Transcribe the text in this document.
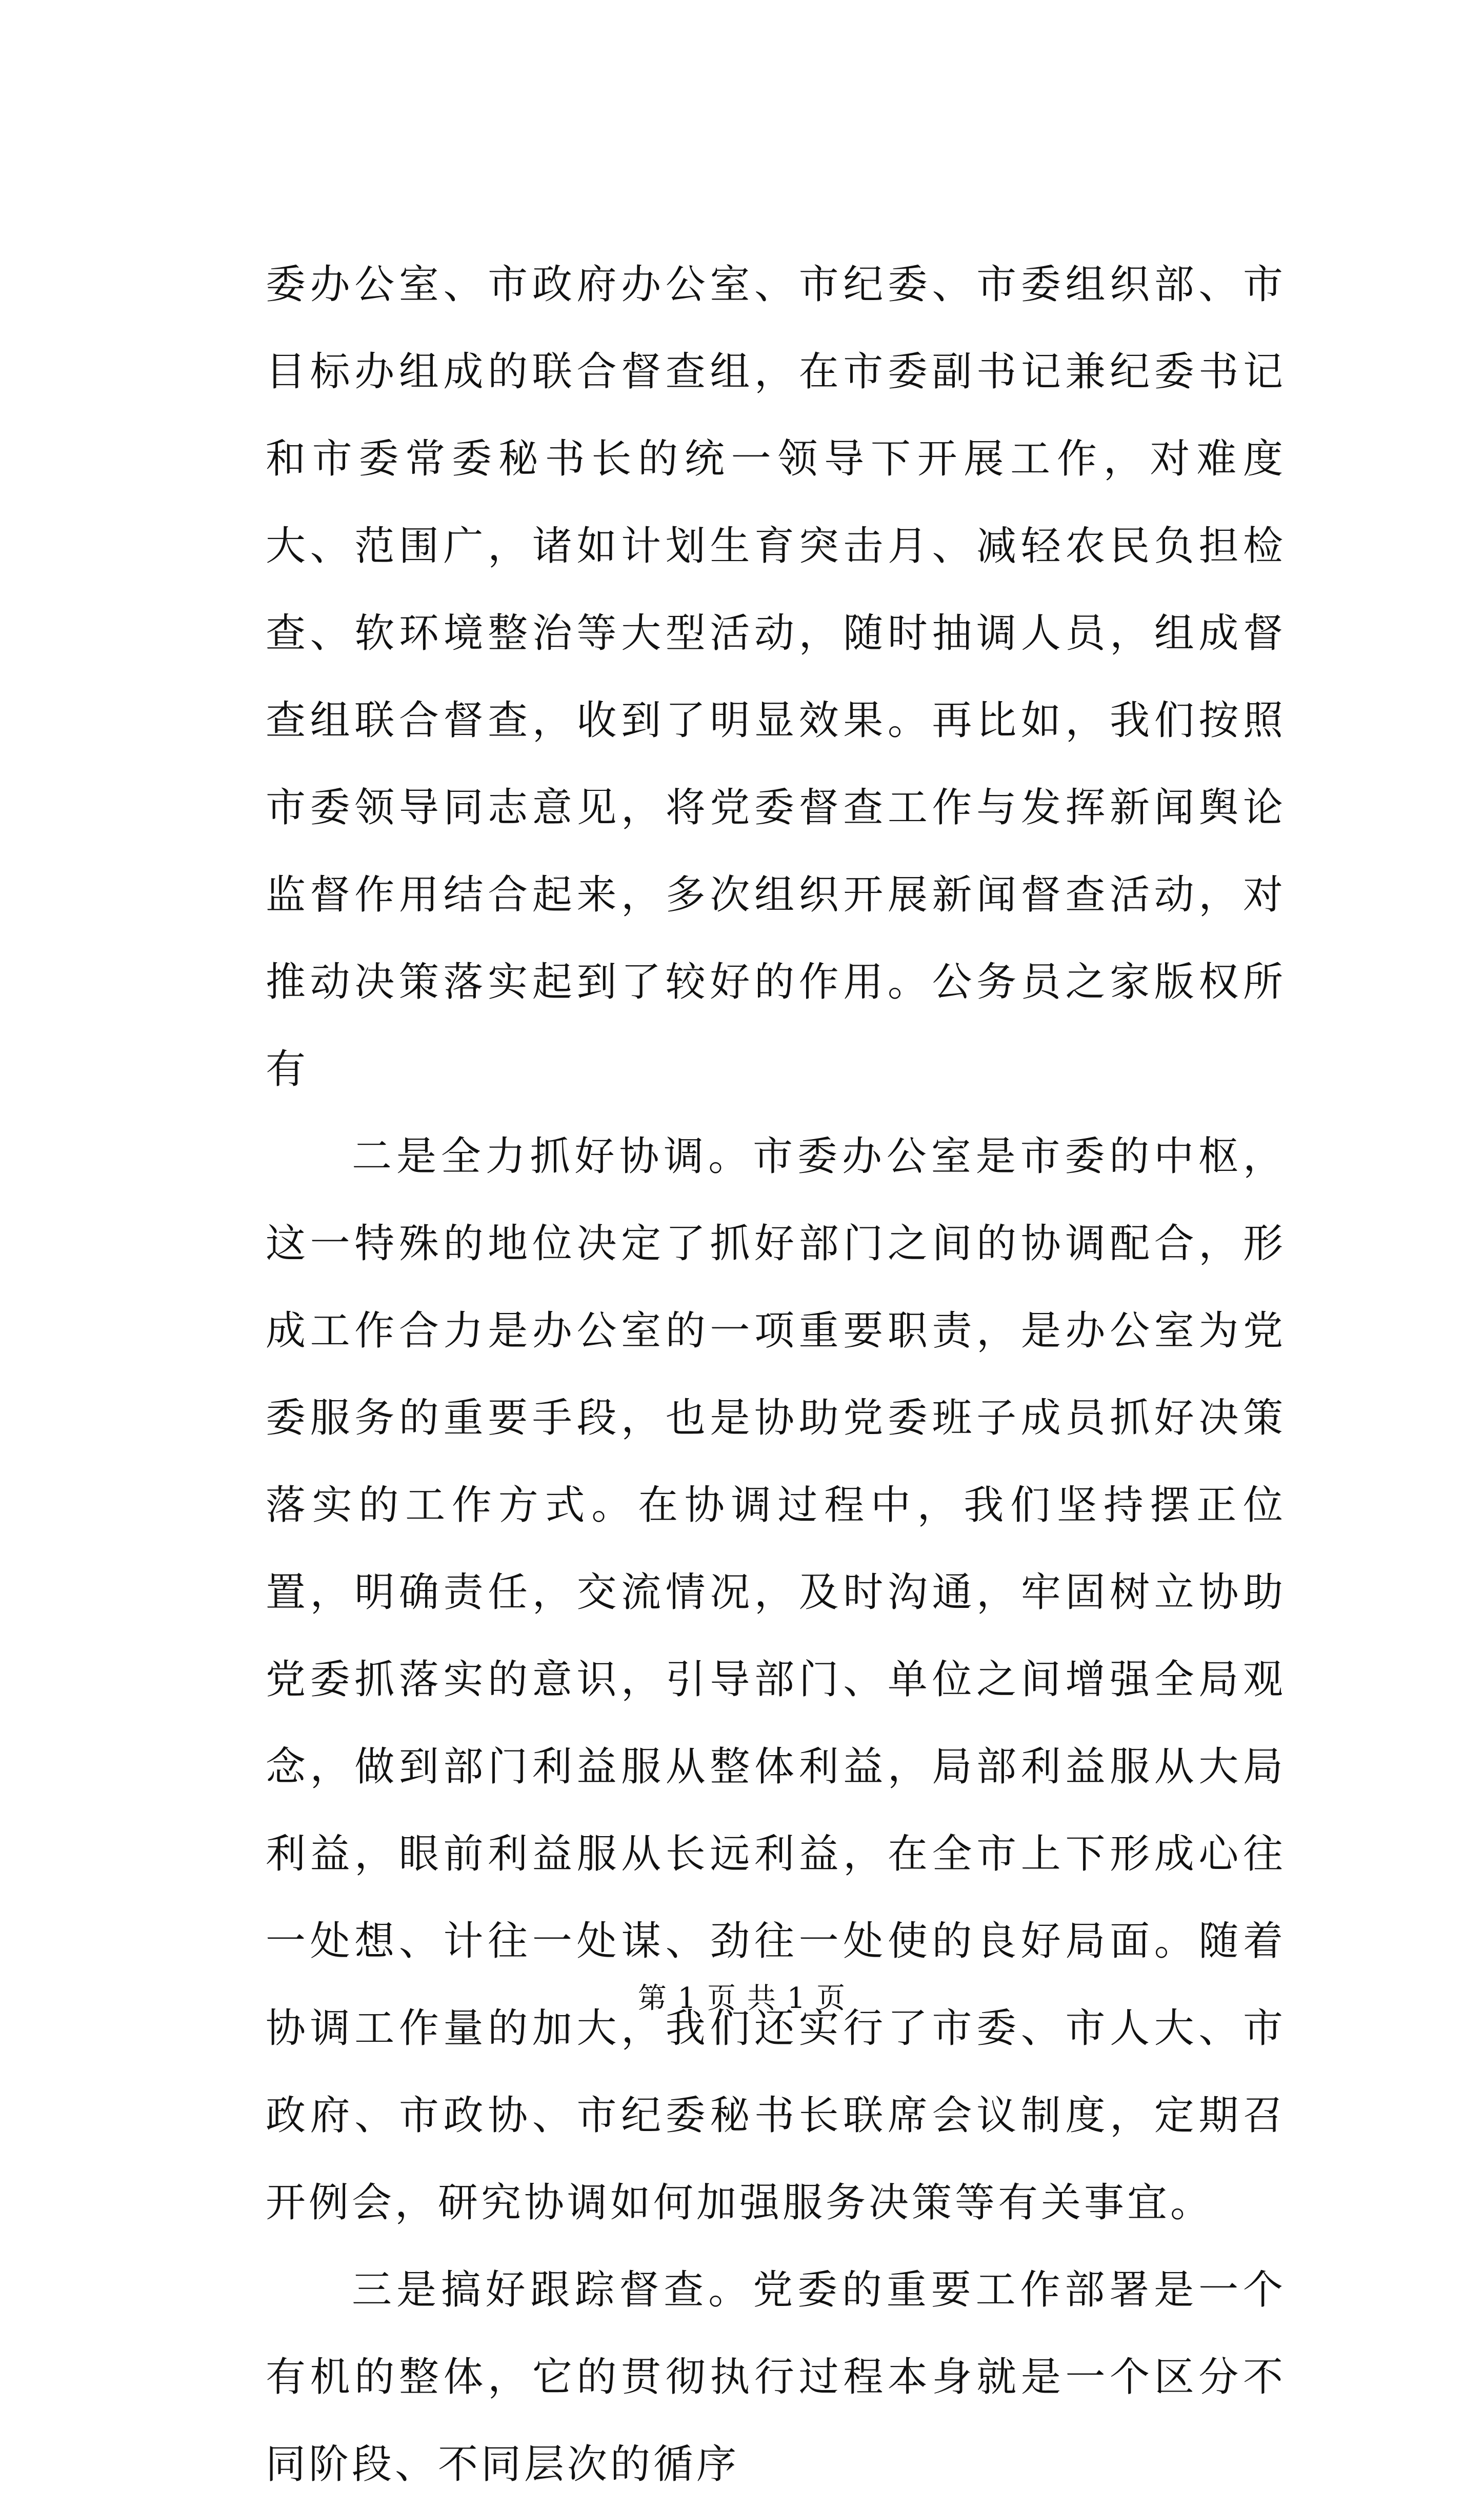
委办公室、市政府办公室、市纪委、市委组织部、市目标办组成的联合督查组，在市委副书记兼纪委书记和市委常委秘书长的统一领导下开展工作，对难度大、范围广，诸如计划生育突击月、减轻农民负担检查、软环境整治等大型活动，随时抽调人员，组成督查组联合督查，收到了明显效果。再比如，我们按照市委领导同志意见，将党委督查工作与发挥新闻舆论监督作用结合起来，多次组织开展新闻督查活动，对推动决策落实起到了较好的作用。公务员之家版权所有

二是全力抓好协调。市委办公室是市委的中枢，这一特殊的地位决定了抓好部门之间的协调配合，形成工作合力是办公室的一项重要职责，是办公室为党委服务的重要手段，也是协助党委班子成员抓好决策落实的工作方式。在协调过程中，我们坚持摆正位置，明确责任，交流情况，及时沟通，牢固树立协助党委抓落实的意识，引导部门、单位之间增强全局观念，做到部门利益服从整体利益，局部利益服从大局利益，眼前利益服从长远利益，在全市上下形成心往一处想、计往一处谋、劲往一处使的良好局面。随着协调工作量的加大，我们还实行了市委、市人大、市政府、市政协、市纪委秘书长联席会议制度，定期召开例会，研究协调如何加强服务决策等有关事宜。

三是搞好跟踪督查。党委的重要工作部署是一个有机的整体，它的贯彻执行过程本身就是一个区分不同阶段、不同层次的循序

第 1 页 共 1 页
